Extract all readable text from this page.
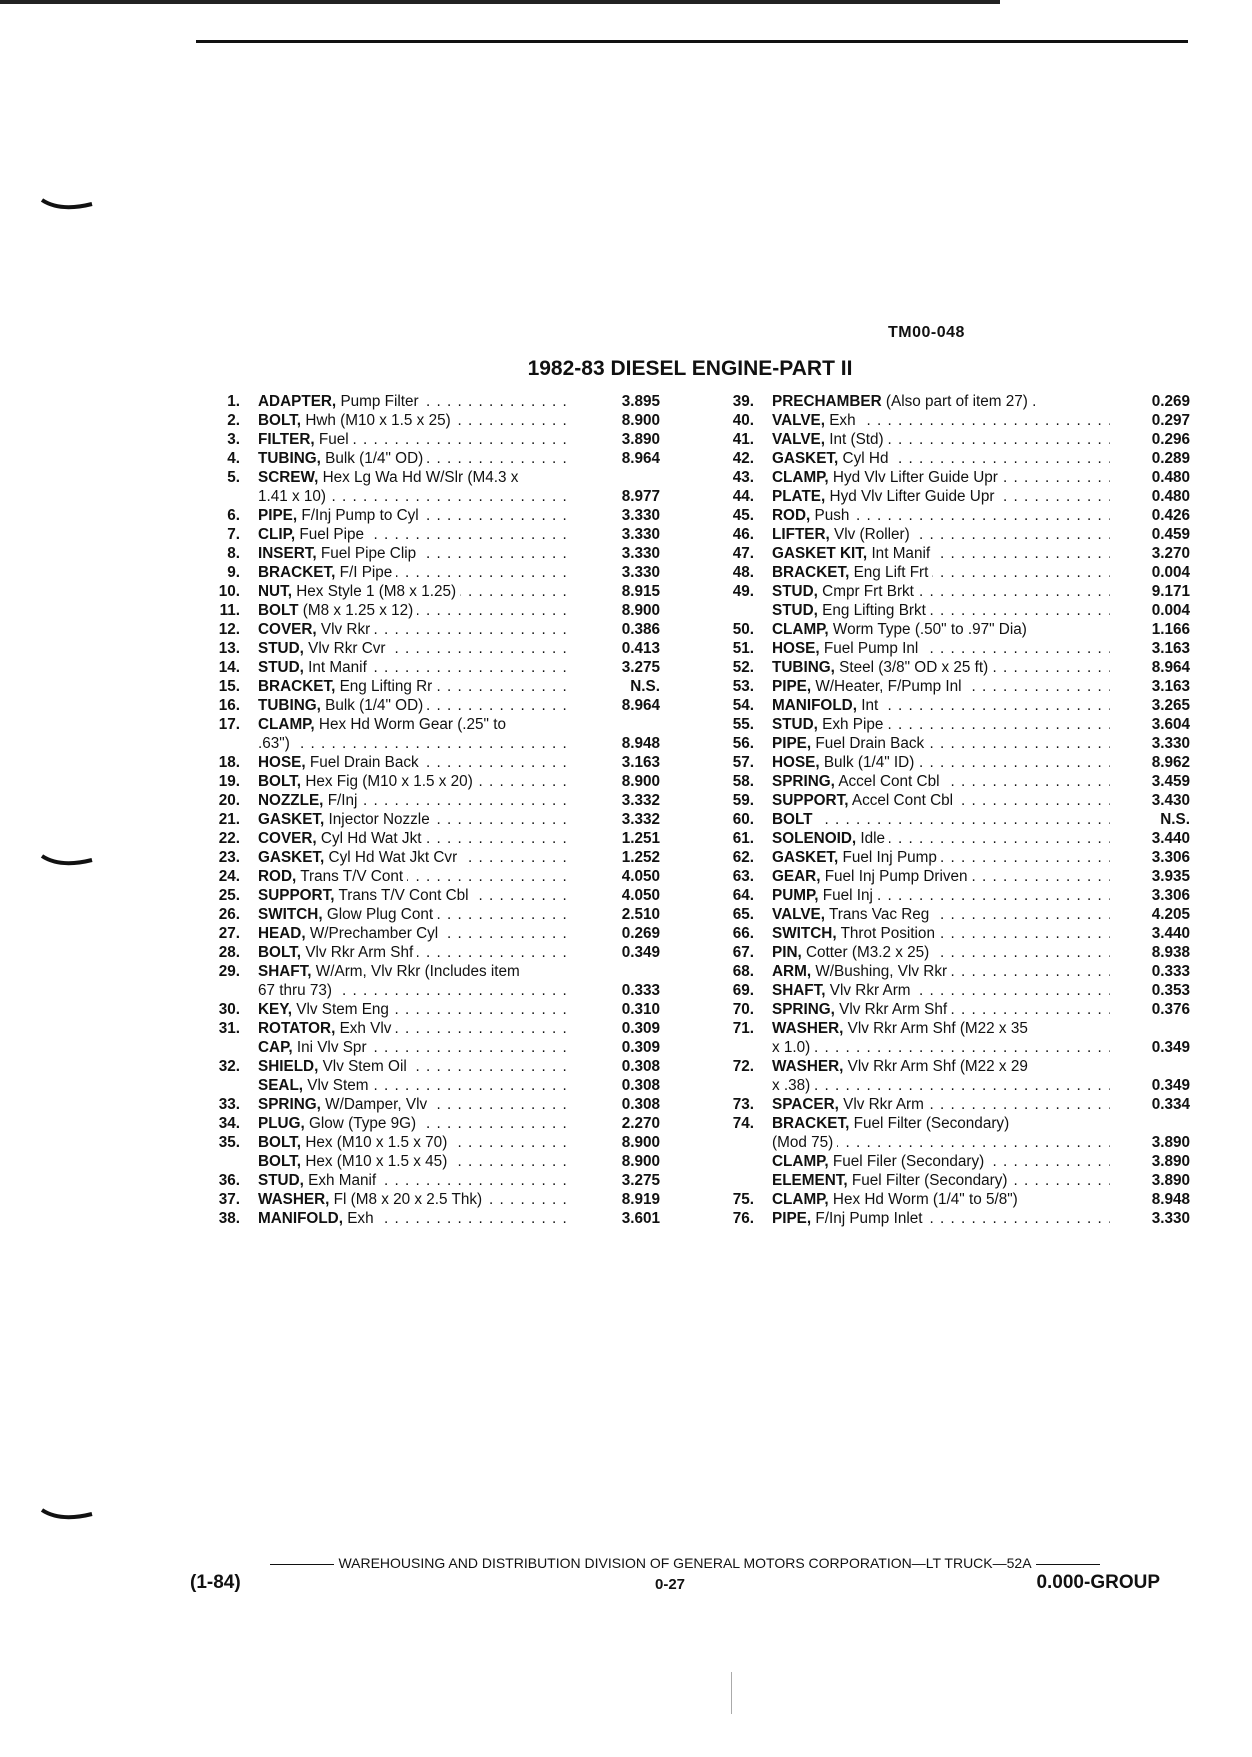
TM00-048
1982-83 DIESEL ENGINE-PART II
1. ADAPTER, Pump Filter . . .	3.895
2. BOLT, Hwh (M10 x 1.5 x 25) . . .	8.900
3. FILTER, Fuel . . .	3.890
4. TUBING, Bulk (1/4" OD) . . .	8.964
5. SCREW, Hex Lg Wa Hd W/Slr (M4.3 x
1.41 x 10) . . .	8.977
6. PIPE, F/Inj Pump to Cyl . . .	3.330
7. CLIP, Fuel Pipe . . .	3.330
8. INSERT, Fuel Pipe Clip . . .	3.330
9. BRACKET, F/I Pipe . . .	3.330
10. NUT, Hex Style 1 (M8 x 1.25) . . .	8.915
11. BOLT (M8 x 1.25 x 12) . . .	8.900
12. COVER, Vlv Rkr . . .	0.386
13. STUD, Vlv Rkr Cvr . . .	0.413
14. STUD, Int Manif . . .	3.275
15. BRACKET, Eng Lifting Rr . . .	N.S.
16. TUBING, Bulk (1/4" OD) . . .	8.964
17. CLAMP, Hex Hd Worm Gear (.25" to
.63") . . .	8.948
18. HOSE, Fuel Drain Back . . .	3.163
19. BOLT, Hex Fig (M10 x 1.5 x 20) . . .	8.900
20. NOZZLE, F/Inj . . .	3.332
21. GASKET, Injector Nozzle . . .	3.332
22. COVER, Cyl Hd Wat Jkt . . .	1.251
23. GASKET, Cyl Hd Wat Jkt Cvr . . .	1.252
24. ROD, Trans T/V Cont . . .	4.050
25. SUPPORT, Trans T/V Cont Cbl . . .	4.050
26. SWITCH, Glow Plug Cont . . .	2.510
27. HEAD, W/Prechamber Cyl . . .	0.269
28. BOLT, Vlv Rkr Arm Shf . . .	0.349
29. SHAFT, W/Arm, Vlv Rkr (Includes item
67 thru 73) . . .	0.333
30. KEY, Vlv Stem Eng . . .	0.310
31. ROTATOR, Exh Vlv . . .	0.309
CAP, Ini Vlv Spr . . .	0.309
32. SHIELD, Vlv Stem Oil . . .	0.308
SEAL, Vlv Stem . . .	0.308
33. SPRING, W/Damper, Vlv . . .	0.308
34. PLUG, Glow (Type 9G) . . .	2.270
35. BOLT, Hex (M10 x 1.5 x 70) . . .	8.900
BOLT, Hex (M10 x 1.5 x 45) . . .	8.900
36. STUD, Exh Manif . . .	3.275
37. WASHER, Fl (M8 x 20 x 2.5 Thk) . . .	8.919
38. MANIFOLD, Exh . . .	3.601
39. PRECHAMBER (Also part of item 27) .	0.269
40. VALVE, Exh . . .	0.297
41. VALVE, Int (Std) . . .	0.296
42. GASKET, Cyl Hd . . .	0.289
43. CLAMP, Hyd Vlv Lifter Guide Upr . . .	0.480
44. PLATE, Hyd Vlv Lifter Guide Upr . . .	0.480
45. ROD, Push . . .	0.426
46. LIFTER, Vlv (Roller) . . .	0.459
47. GASKET KIT, Int Manif . . .	3.270
48. BRACKET, Eng Lift Frt . . .	0.004
49. STUD, Cmpr Frt Brkt . . .	9.171
STUD, Eng Lifting Brkt . . .	0.004
50. CLAMP, Worm Type (.50" to .97" Dia)	1.166
51. HOSE, Fuel Pump Inl . . .	3.163
52. TUBING, Steel (3/8" OD x 25 ft) . . .	8.964
53. PIPE, W/Heater, F/Pump Inl . . .	3.163
54. MANIFOLD, Int . . .	3.265
55. STUD, Exh Pipe . . .	3.604
56. PIPE, Fuel Drain Back . . .	3.330
57. HOSE, Bulk (1/4" ID) . . .	8.962
58. SPRING, Accel Cont Cbl . . .	3.459
59. SUPPORT, Accel Cont Cbl . . .	3.430
60. BOLT . . .	N.S.
61. SOLENOID, Idle . . .	3.440
62. GASKET, Fuel Inj Pump . . .	3.306
63. GEAR, Fuel Inj Pump Driven . . .	3.935
64. PUMP, Fuel Inj . . .	3.306
65. VALVE, Trans Vac Reg . . .	4.205
66. SWITCH, Throt Position . . .	3.440
67. PIN, Cotter (M3.2 x 25) . . .	8.938
68. ARM, W/Bushing, Vlv Rkr . . .	0.333
69. SHAFT, Vlv Rkr Arm . . .	0.353
70. SPRING, Vlv Rkr Arm Shf . . .	0.376
71. WASHER, Vlv Rkr Arm Shf (M22 x 35
x 1.0) . . .	0.349
72. WASHER, Vlv Rkr Arm Shf (M22 x 29
x .38) . . .	0.349
73. SPACER, Vlv Rkr Arm . . .	0.334
74. BRACKET, Fuel Filter (Secondary)
(Mod 75) . . .	3.890
CLAMP, Fuel Filer (Secondary) . . .	3.890
ELEMENT, Fuel Filter (Secondary) . . .	3.890
75. CLAMP, Hex Hd Worm (1/4" to 5/8")	8.948
76. PIPE, F/Inj Pump Inlet . . .	3.330
WAREHOUSING AND DISTRIBUTION DIVISION OF GENERAL MOTORS CORPORATION—LT TRUCK—52A
(1-84)	0-27	0.000-GROUP
